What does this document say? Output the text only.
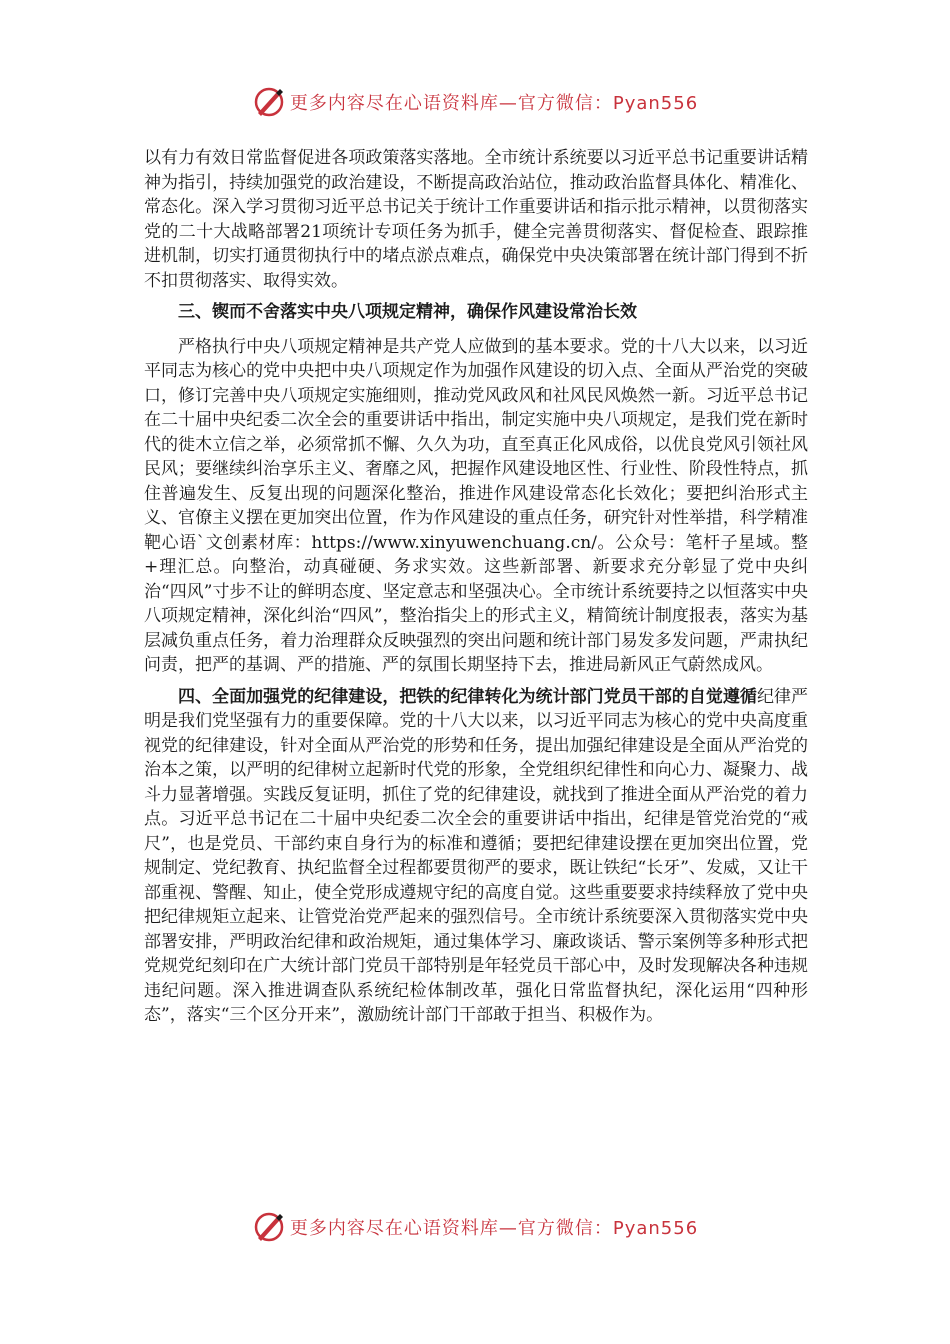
更多内容尽在心语资料库—官方微信：Pyan556

以有力有效日常监督促进各项政策落实落地。全市统计系统要以习近平总书记重要讲话精神为指引，持续加强党的政治建设，不断提高政治站位，推动政治监督具体化、精准化、常态化。深入学习贯彻习近平总书记关于统计工作重要讲话和指示批示精神，以贯彻落实党的二十大战略部署21项统计专项任务为抓手，健全完善贯彻落实、督促检查、跟踪推进机制，切实打通贯彻执行中的堵点淤点难点，确保党中央决策部署在统计部门得到不折不扣贯彻落实、取得实效。

三、锲而不舍落实中央八项规定精神，确保作风建设常治长效

严格执行中央八项规定精神是共产党人应做到的基本要求。党的十八大以来，以习近平同志为核心的党中央把中央八项规定作为加强作风建设的切入点、全面从严治党的突破口，修订完善中央八项规定实施细则，推动党风政风和社风民风焕然一新。习近平总书记在二十届中央纪委二次全会的重要讲话中指出，制定实施中央八项规定，是我们党在新时代的徙木立信之举，必须常抓不懈、久久为功，直至真正化风成俗，以优良党风引领社风民风；要继续纠治享乐主义、奢靡之风，把握作风建设地区性、行业性、阶段性特点，抓住普遍发生、反复出现的问题深化整治，推进作风建设常态化长效化；要把纠治形式主义、官僚主义摆在更加突出位置，作为作风建设的重点任务，研究针对性举措，科学精准靶心语`文创素材库：https://www.xinyuwenchuang.cn/。公众号：笔杆子星域。整+理汇总。向整治，动真碰硬、务求实效。这些新部署、新要求充分彰显了党中央纠治“四风”寸步不让的鲜明态度、坚定意志和坚强决心。全市统计系统要持之以恒落实中央八项规定精神，深化纠治“四风”，整治指尖上的形式主义，精简统计制度报表，落实为基层减负重点任务，着力治理群众反映强烈的突出问题和统计部门易发多发问题，严肃执纪问责，把严的基调、严的措施、严的氛围长期坚持下去，推进局新风正气蔚然成风。

四、全面加强党的纪律建设，把铁的纪律转化为统计部门党员干部的自觉遵循纪律严明是我们党坚强有力的重要保障。党的十八大以来，以习近平同志为核心的党中央高度重视党的纪律建设，针对全面从严治党的形势和任务，提出加强纪律建设是全面从严治党的治本之策，以严明的纪律树立起新时代党的形象，全党组织纪律性和向心力、凝聚力、战斗力显著增强。实践反复证明，抓住了党的纪律建设，就找到了推进全面从严治党的着力点。习近平总书记在二十届中央纪委二次全会的重要讲话中指出，纪律是管党治党的“戒尺”，也是党员、干部约束自身行为的标准和遵循；要把纪律建设摆在更加突出位置，党规制定、党纪教育、执纪监督全过程都要贯彻严的要求，既让铁纪“长牙”、发威，又让干部重视、警醒、知止，使全党形成遵规守纪的高度自觉。这些重要要求持续释放了党中央把纪律规矩立起来、让管党治党严起来的强烈信号。全市统计系统要深入贯彻落实党中央部署安排，严明政治纪律和政治规矩，通过集体学习、廉政谈话、警示案例等多种形式把党规党纪刻印在广大统计部门党员干部特别是年轻党员干部心中，及时发现解决各种违规违纪问题。深入推进调查队系统纪检体制改革，强化日常监督执纪，深化运用“四种形态”，落实“三个区分开来”，激励统计部门干部敢于担当、积极作为。

更多内容尽在心语资料库—官方微信：Pyan556
